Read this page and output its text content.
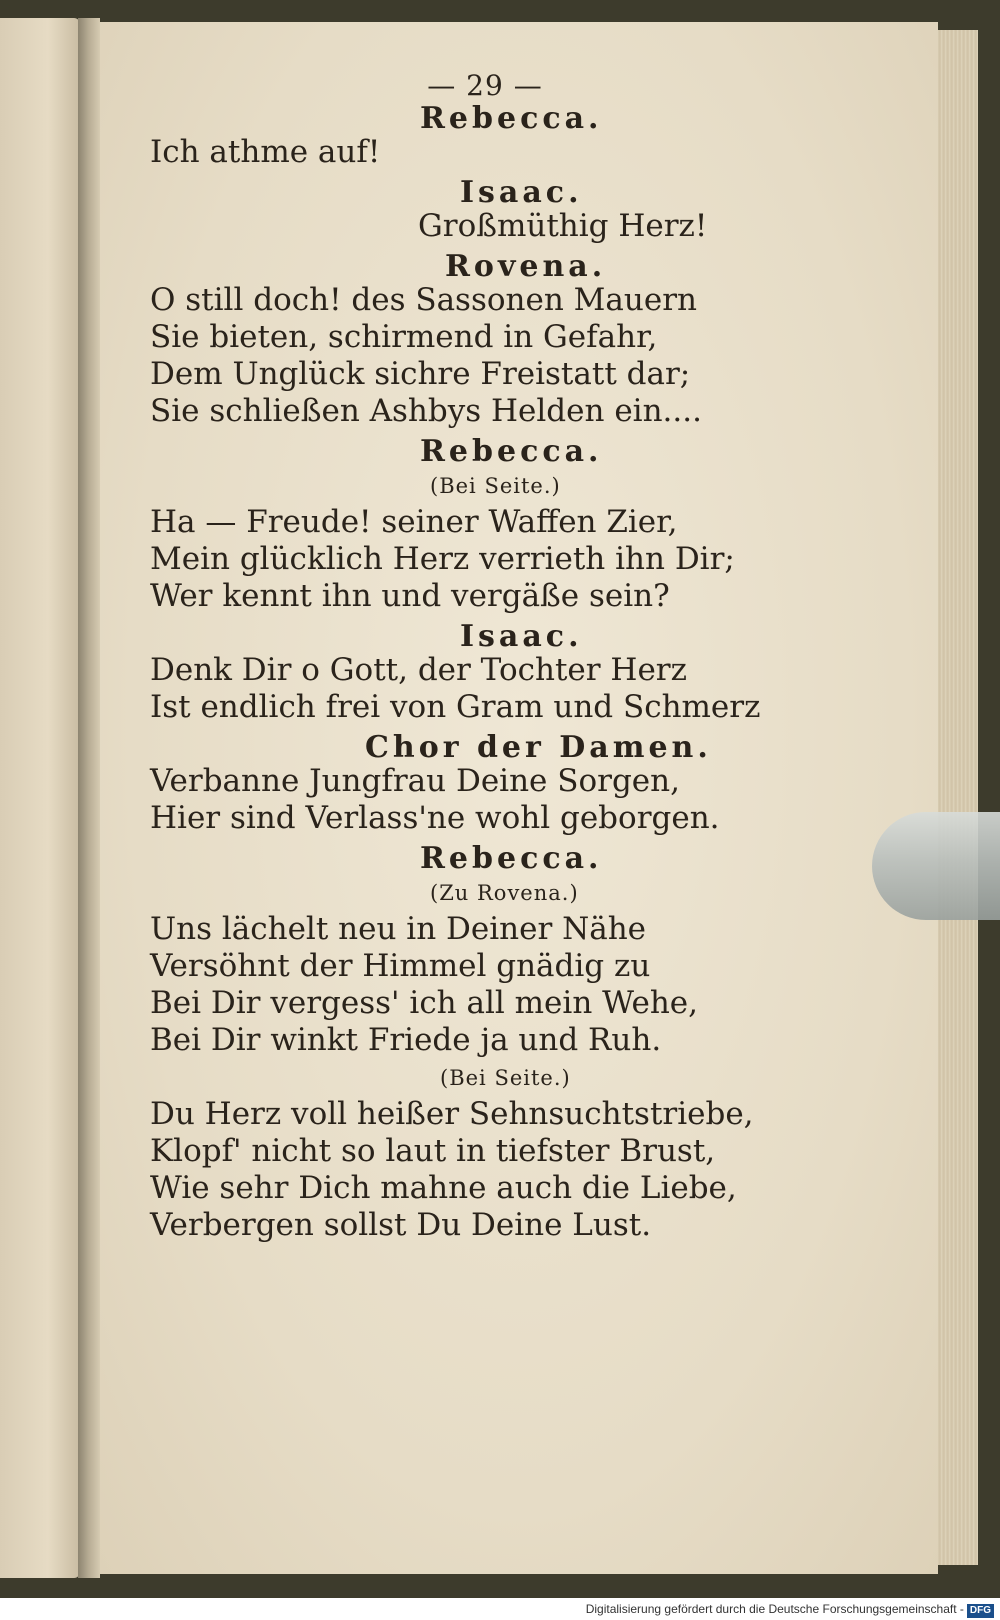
— 29 —
Rebecca.
Ich athme auf!
Isaac.
Großmüthig Herz!
Rovena.
O still doch! des Sassonen Mauern
Sie bieten, schirmend in Gefahr,
Dem Unglück sichre Freistatt dar;
Sie schließen Ashbys Helden ein....
Rebecca.
(Bei Seite.)
Ha — Freude! seiner Waffen Zier,
Mein glücklich Herz verrieth ihn Dir;
Wer kennt ihn und vergäße sein?
Isaac.
Denk Dir o Gott, der Tochter Herz
Ist endlich frei von Gram und Schmerz
Chor der Damen.
Verbanne Jungfrau Deine Sorgen,
Hier sind Verlass'ne wohl geborgen.
Rebecca.
(Zu Rovena.)
Uns lächelt neu in Deiner Nähe
Versöhnt der Himmel gnädig zu
Bei Dir vergess' ich all mein Wehe,
Bei Dir winkt Friede ja und Ruh.
(Bei Seite.)
Du Herz voll heißer Sehnsuchtstriebe,
Klopf' nicht so laut in tiefster Brust,
Wie sehr Dich mahne auch die Liebe,
Verbergen sollst Du Deine Lust.
Digitalisierung gefördert durch die Deutsche Forschungsgemeinschaft - DFG
